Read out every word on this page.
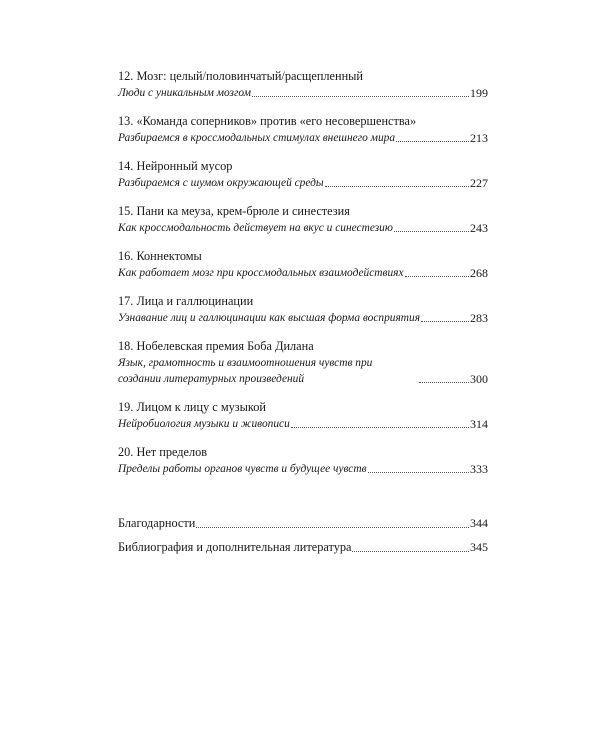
12. Мозг: целый/половинчатый/расщепленный
Люди с уникальным мозгом	199
13. «Команда соперников» против «его несовершенства»
Разбираемся в кроссмодальных стимулах внешнего мира	213
14. Нейронный мусор
Разбираемся с шумом окружающей среды	227
15. Пани ка меуза, крем-брюле и синестезия
Как кроссмодальность действует на вкус и синестезию	243
16. Коннектомы
Как работает мозг при кроссмодальных взаимодействиях	268
17. Лица и галлюцинации
Узнавание лиц и галлюцинации как высшая форма восприятия	283
18. Нобелевская премия Боба Дилана
Язык, грамотность и взаимоотношения чувств при создании литературных произведений	300
19. Лицом к лицу с музыкой
Нейробиология музыки и живописи	314
20. Нет пределов
Пределы работы органов чувств и будущее чувств	333
Благодарности	344
Библиография и дополнительная литература	345
